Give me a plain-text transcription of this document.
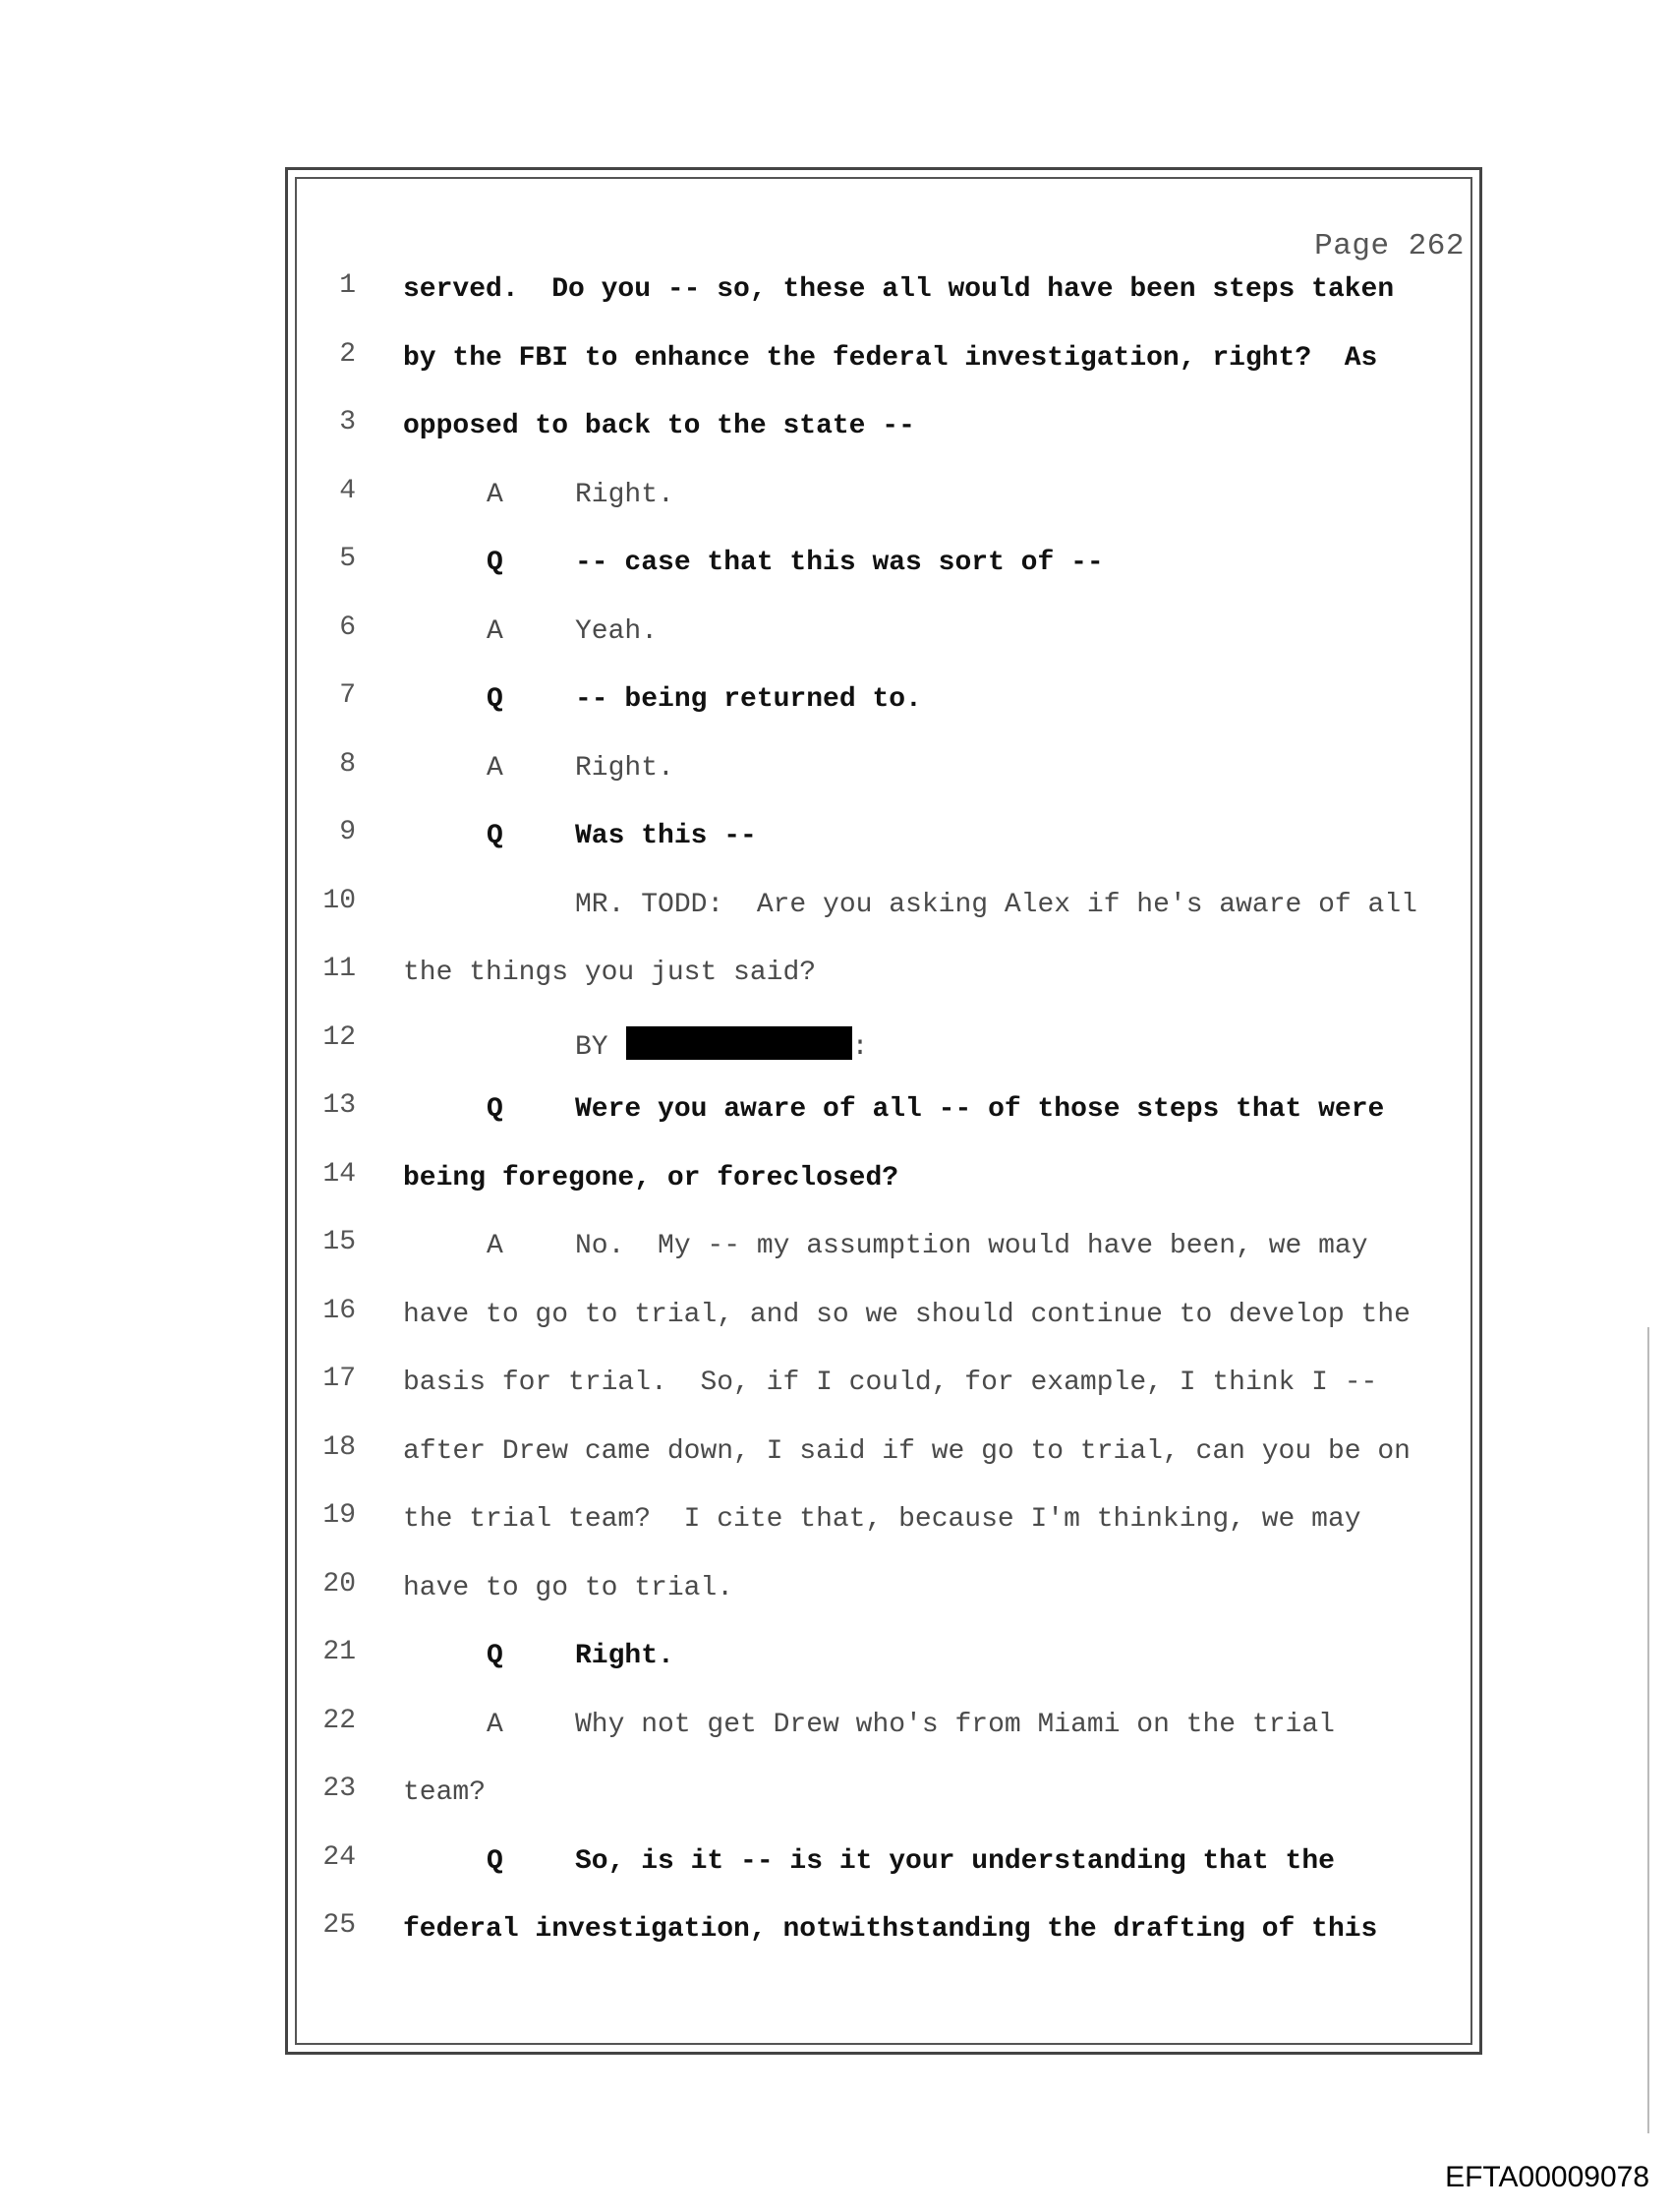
Page 262
1 served.  Do you -- so, these all would have been steps taken
2 by the FBI to enhance the federal investigation, right?  As
3 opposed to back to the state --
4	A	Right.
5	Q	-- case that this was sort of --
6	A	Yeah.
7	Q	-- being returned to.
8	A	Right.
9	Q	Was this --
10	MR. TODD:  Are you asking Alex if he's aware of all
11 the things you just said?
12	BY	:
13	Q	Were you aware of all -- of those steps that were
14 being foregone, or foreclosed?
15	A	No.  My -- my assumption would have been, we may
16 have to go to trial, and so we should continue to develop the
17 basis for trial.  So, if I could, for example, I think I --
18 after Drew came down, I said if we go to trial, can you be on
19 the trial team?  I cite that, because I'm thinking, we may
20 have to go to trial.
21	Q	Right.
22	A	Why not get Drew who's from Miami on the trial
23 team?
24	Q	So, is it -- is it your understanding that the
25 federal investigation, notwithstanding the drafting of this
EFTA00009078
